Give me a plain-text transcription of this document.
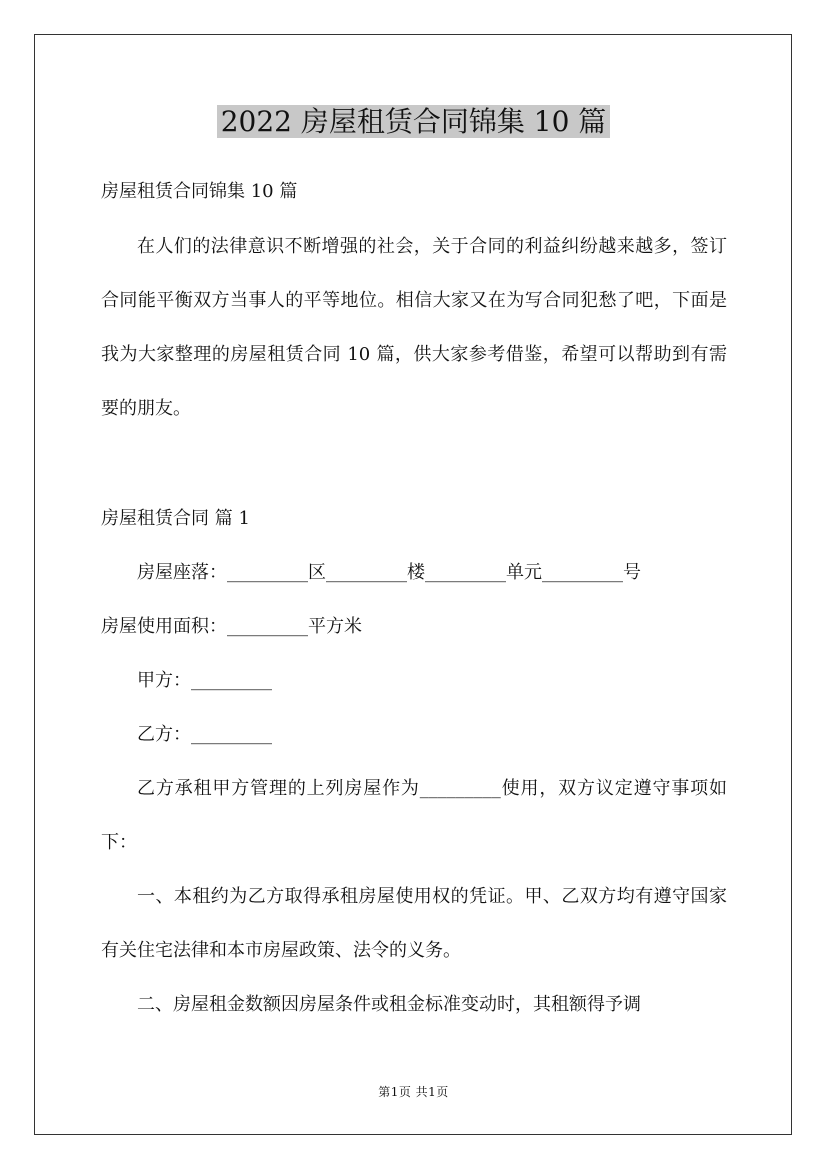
2022 房屋租赁合同锦集 10 篇

房屋租赁合同锦集 10 篇

在人们的法律意识不断增强的社会，关于合同的利益纠纷越来越多，签订合同能平衡双方当事人的平等地位。相信大家又在为写合同犯愁了吧，下面是我为大家整理的房屋租赁合同 10 篇，供大家参考借鉴，希望可以帮助到有需要的朋友。

房屋租赁合同 篇 1

房屋座落：_________区_________楼_________单元_________号

房屋使用面积：_________平方米

甲方：_________

乙方：_________

乙方承租甲方管理的上列房屋作为_________使用，双方议定遵守事项如下：

一、本租约为乙方取得承租房屋使用权的凭证。甲、乙双方均有遵守国家有关住宅法律和本市房屋政策、法令的义务。

二、房屋租金数额因房屋条件或租金标准变动时，其租额得予调

第1页 共1页
